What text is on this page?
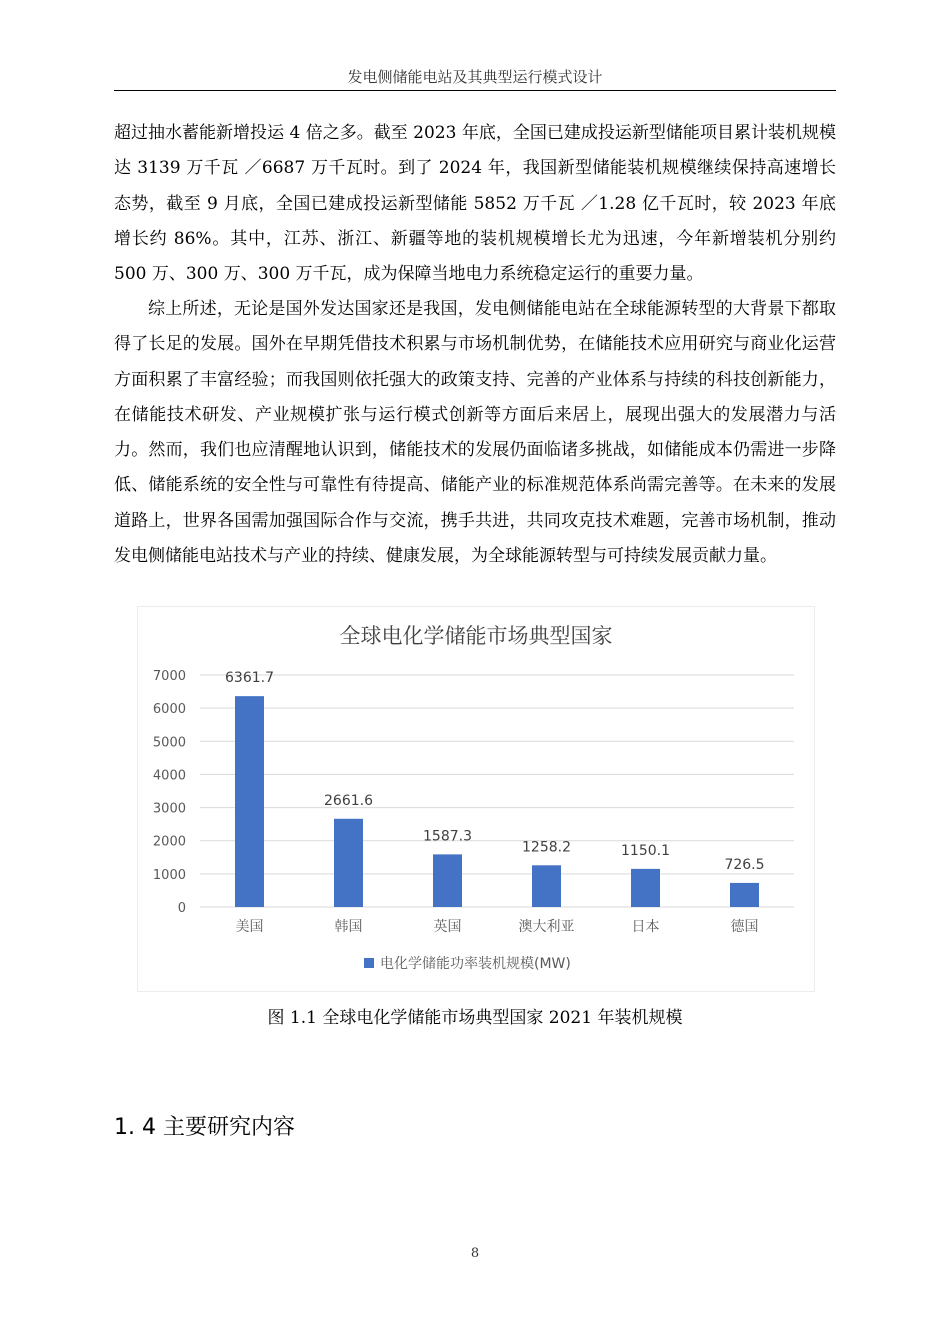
发电侧储能电站及其典型运行模式设计

超过抽水蓄能新增投运 4 倍之多。截至 2023 年底，全国已建成投运新型储能项目累计装机规模达 3139 万千瓦 ／6687 万千瓦时。到了 2024 年，我国新型储能装机规模继续保持高速增长态势，截至 9 月底，全国已建成投运新型储能 5852 万千瓦 ／1.28 亿千瓦时，较 2023 年底增长约 86%。其中，江苏、浙江、新疆等地的装机规模增长尤为迅速，今年新增装机分别约 500 万、300 万、300 万千瓦，成为保障当地电力系统稳定运行的重要力量。

综上所述，无论是国外发达国家还是我国，发电侧储能电站在全球能源转型的大背景下都取得了长足的发展。国外在早期凭借技术积累与市场机制优势，在储能技术应用研究与商业化运营方面积累了丰富经验；而我国则依托强大的政策支持、完善的产业体系与持续的科技创新能力，在储能技术研发、产业规模扩张与运行模式创新等方面后来居上，展现出强大的发展潜力与活力。然而，我们也应清醒地认识到，储能技术的发展仍面临诸多挑战，如储能成本仍需进一步降低、储能系统的安全性与可靠性有待提高、储能产业的标准规范体系尚需完善等。在未来的发展道路上，世界各国需加强国际合作与交流，携手共进，共同攻克技术难题，完善市场机制，推动发电侧储能电站技术与产业的持续、健康发展，为全球能源转型与可持续发展贡献力量。

全球电化学储能市场典型国家
0
1000
2000
3000
4000
5000
6000
7000	6361.7
美国
2661.6
韩国
1587.3
英国
1258.2
澳大利亚
1150.1
日本
726.5
德国
电化学储能功率装机规模(MW)
图 1.1 全球电化学储能市场典型国家 2021 年装机规模
1. 4 主要研究内容
8
